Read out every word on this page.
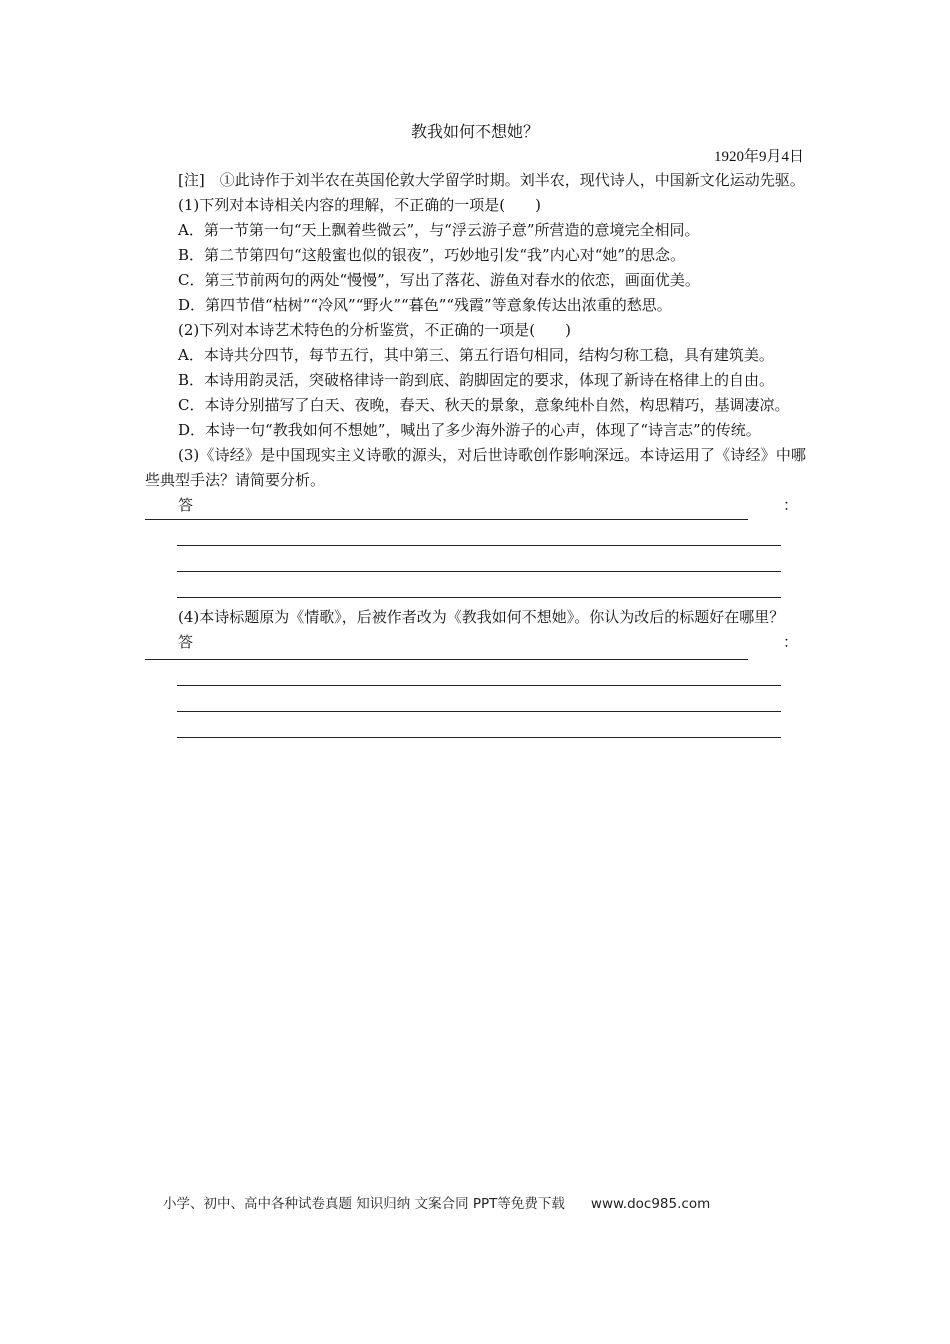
教我如何不想她？
1920年9月4日

[注]　①此诗作于刘半农在英国伦敦大学留学时期。刘半农，现代诗人，中国新文化运动先驱。

(1)下列对本诗相关内容的理解，不正确的一项是(　　)

A．第一节第一句“天上飘着些微云”，与“浮云游子意”所营造的意境完全相同。

B．第二节第四句“这般蜜也似的银夜”，巧妙地引发“我”内心对“她”的思念。

C．第三节前两句的两处“慢慢”，写出了落花、游鱼对春水的依恋，画面优美。

D．第四节借“枯树”“冷风”“野火”“暮色”“残霞”等意象传达出浓重的愁思。

(2)下列对本诗艺术特色的分析鉴赏，不正确的一项是(　　)

A．本诗共分四节，每节五行，其中第三、第五行语句相同，结构匀称工稳，具有建筑美。

B．本诗用韵灵活，突破格律诗一韵到底、韵脚固定的要求，体现了新诗在格律上的自由。

C．本诗分别描写了白天、夜晚，春天、秋天的景象，意象纯朴自然，构思精巧，基调凄凉。

D．本诗一句“教我如何不想她”，喊出了多少海外游子的心声，体现了“诗言志”的传统。

(3)《诗经》是中国现实主义诗歌的源头，对后世诗歌创作影响深远。本诗运用了《诗经》中哪些典型手法？请简要分析。

答	：

(4)本诗标题原为《情歌》，后被作者改为《教我如何不想她》。你认为改后的标题好在哪里？

答	：
小学、初中、高中各种试卷真题 知识归纳 文案合同 PPT等免费下载 www.doc985.com
